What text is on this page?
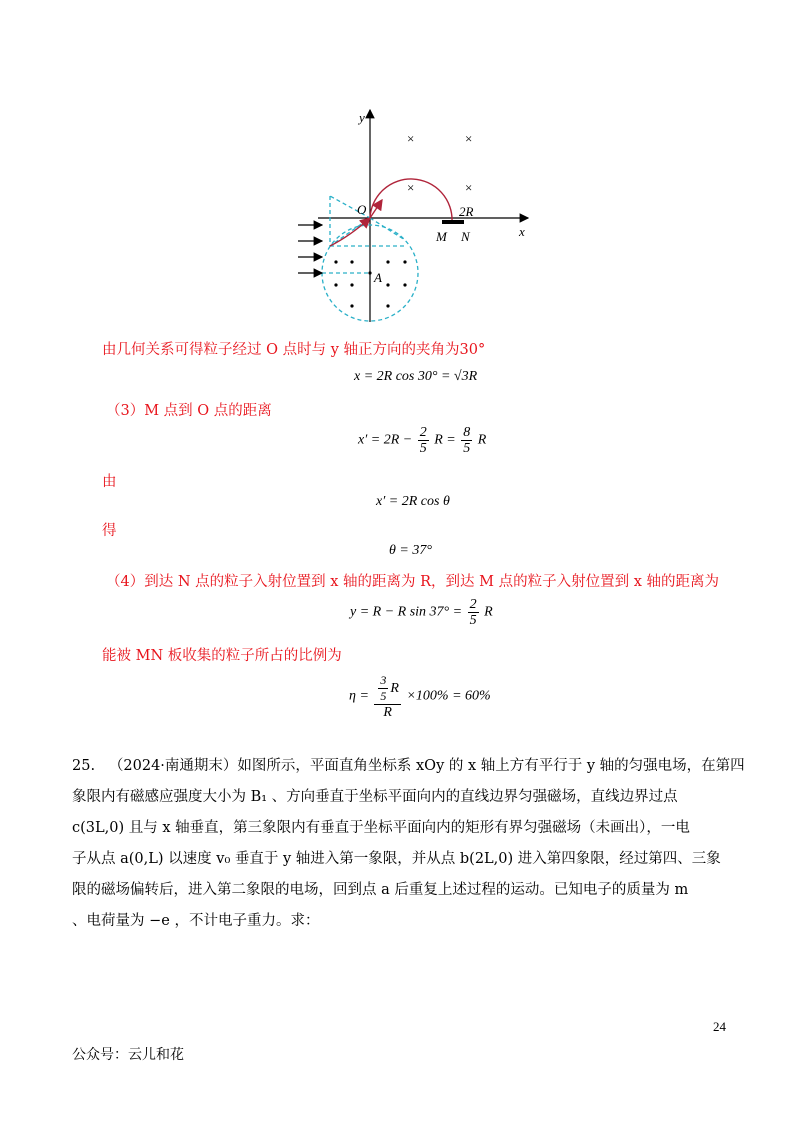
y
x
O	2R
M N
A
×	×
×	×
由几何关系可得粒子经过 O 点时与 y 轴正方向的夹角为30°
x = 2R cos 30° = √3R
（3）M 点到 O 点的距离
$x' = 2R - \frac{2}{5}$ $R = \frac{8}{5}$ R
由
x′ = 2R cos θ
得
θ = 37°
（4）到达 N 点的粒子入射位置到 x 轴的距离为 R，到达 M 点的粒子入射位置到 x 轴的距离为
y = R − R $\sin 37^\circ = \frac{2}{5}$ R
能被 MN 板收集的粒子所占的比例为
$\eta = \frac{\frac{3}{5} R}{R} \times 100\% = 60\%$
25. （2024·南通期末）如图所示，平面直角坐标系 xOy 的 x 轴上方有平行于 y 轴的匀强电场，在第四
象限内有磁感应强度大小为 B₁ 、方向垂直于坐标平面向内的直线边界匀强磁场，直线边界过点
c(3L,0) 且与 x 轴垂直，第三象限内有垂直于坐标平面向内的矩形有界匀强磁场（未画出），一电
子从点 a(0,L) 以速度 v₀ 垂直于 y 轴进入第一象限，并从点 b(2L,0) 进入第四象限，经过第四、三象
限的磁场偏转后，进入第二象限的电场，回到点 a 后重复上述过程的运动。已知电子的质量为 m
、电荷量为 −e ，不计电子重力。求：
24
公众号：云儿和花
